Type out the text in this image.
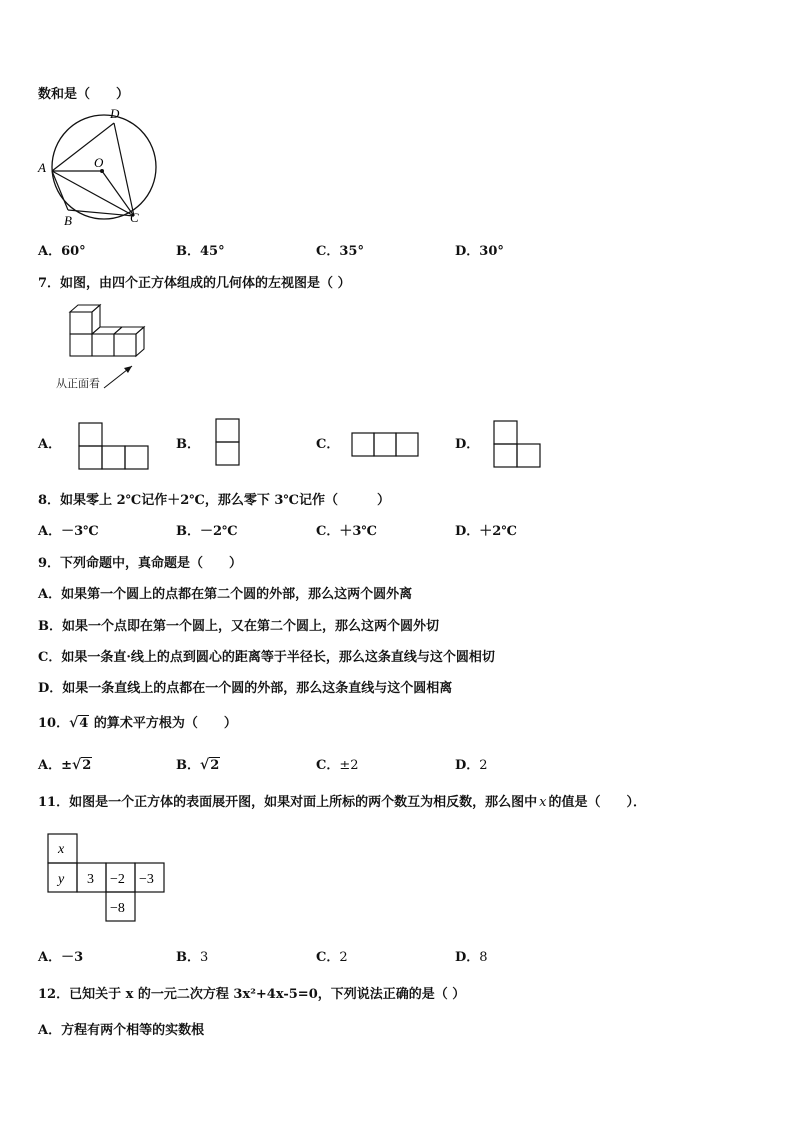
数和是（　　）
A
B	C
D
O
A．60°	B．45°	C．35°	D．30°
7．如图，由四个正方体组成的几何体的左视图是（ ）
从正面看
A．	B．	C．	D．
8．如果零上 2℃记作＋2℃，那么零下 3℃记作（　　　）
A．－3℃	B．－2℃	C．＋3℃	D．＋2℃
9．下列命题中，真命题是（　　）
A．如果第一个圆上的点都在第二个圆的外部，那么这两个圆外离
B．如果一个点即在第一个圆上，又在第二个圆上，那么这两个圆外切
C．如果一条直·线上的点到圆心的距离等于半径长，那么这条直线与这个圆相切
D．如果一条直线上的点都在一个圆的外部，那么这条直线与这个圆相离
10．√4 的算术平方根为（　　）
A．±√2	B．√2	C．±2	D．2
11．如图是一个正方体的表面展开图，如果对面上所标的两个数互为相反数，那么图中 x 的值是（　　）．
x
y 3 −2 −3
−8
A．－3	B．3	C．2	D．8
12．已知关于 x 的一元二次方程 3x²+4x-5=0，下列说法正确的是（ ）
A．方程有两个相等的实数根
